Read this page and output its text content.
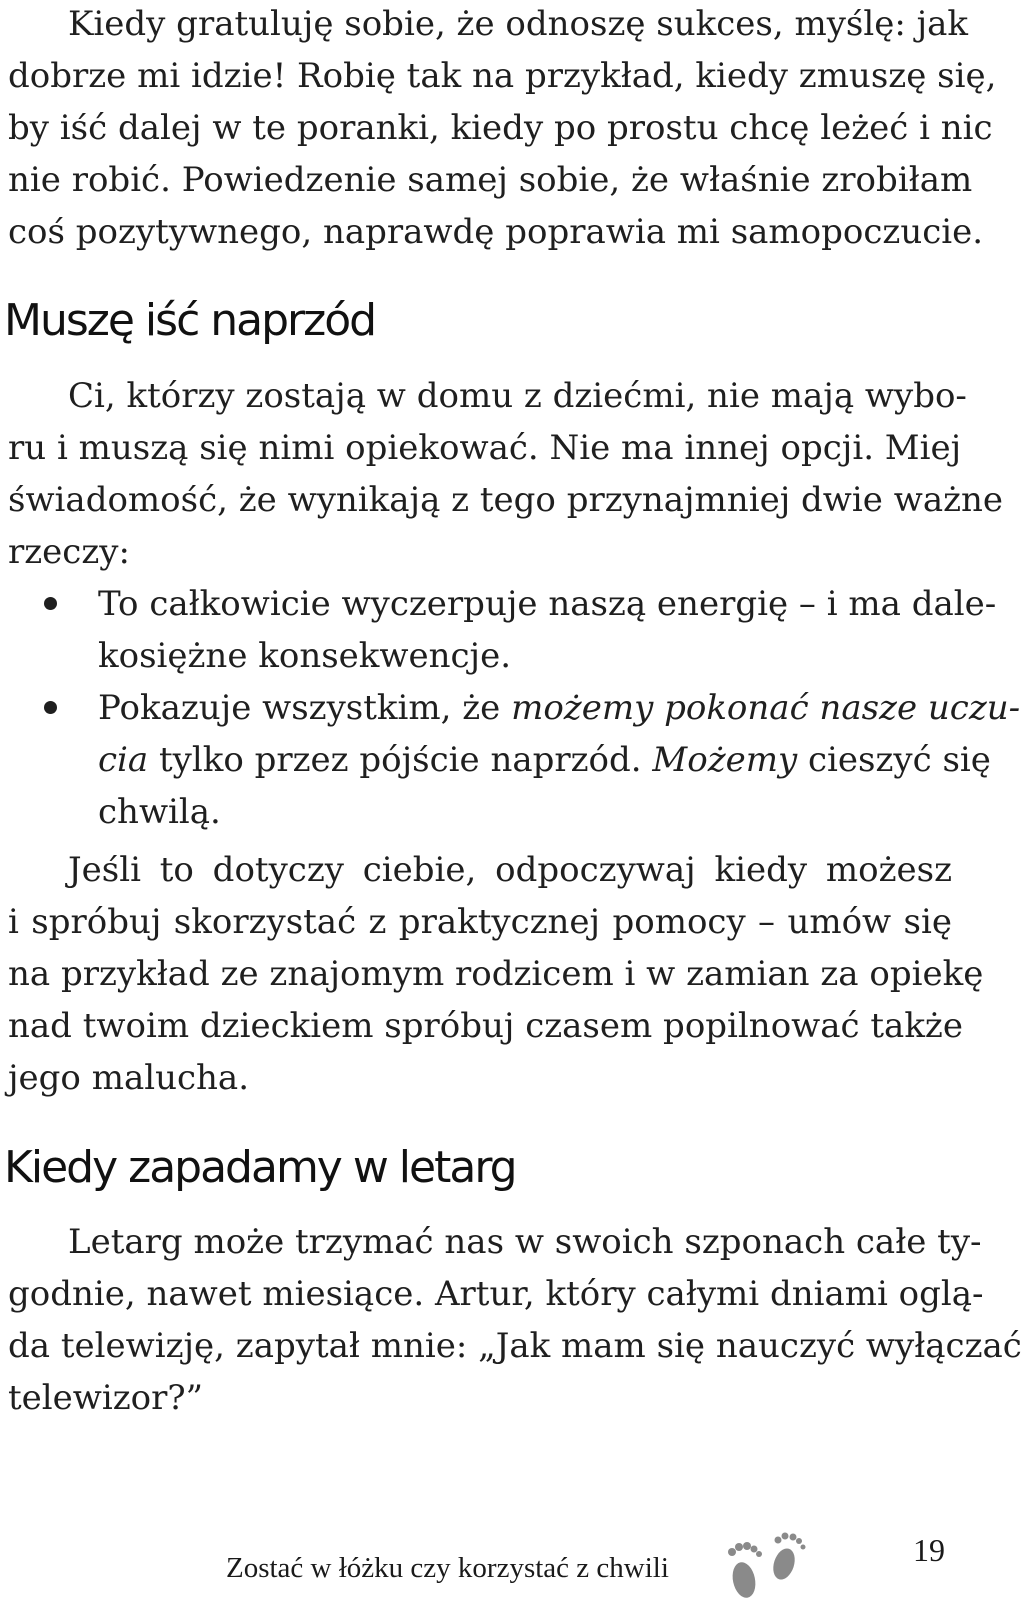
Kiedy gratuluję sobie, że odnoszę sukces, myślę: jak
dobrze mi idzie! Robię tak na przykład, kiedy zmuszę się,
by iść dalej w te poranki, kiedy po prostu chcę leżeć i nic
nie robić. Powiedzenie samej sobie, że właśnie zrobiłam
coś pozytywnego, naprawdę poprawia mi samopoczucie.

Muszę iść naprzód

Ci, którzy zostają w domu z dziećmi, nie mają wybo-
ru i muszą się nimi opiekować. Nie ma innej opcji. Miej
świadomość, że wynikają z tego przynajmniej dwie ważne
rzeczy:

To całkowicie wyczerpuje naszą energię – i ma dale-
kosiężne konsekwencje.
Pokazuje wszystkim, że możemy pokonać nasze uczu-
cia tylko przez pójście naprzód. Możemy cieszyć się
chwilą.

Jeśli to dotyczy ciebie, odpoczywaj kiedy możesz
i spróbuj skorzystać z praktycznej pomocy – umów się
na przykład ze znajomym rodzicem i w zamian za opiekę
nad twoim dzieckiem spróbuj czasem popilnować także
jego malucha.

Kiedy zapadamy w letarg

Letarg może trzymać nas w swoich szponach całe ty-
godnie, nawet miesiące. Artur, który całymi dniami oglą-
da telewizję, zapytał mnie: „Jak mam się nauczyć wyłączać
telewizor?”

Zostać w łóżku czy korzystać z chwili	19
